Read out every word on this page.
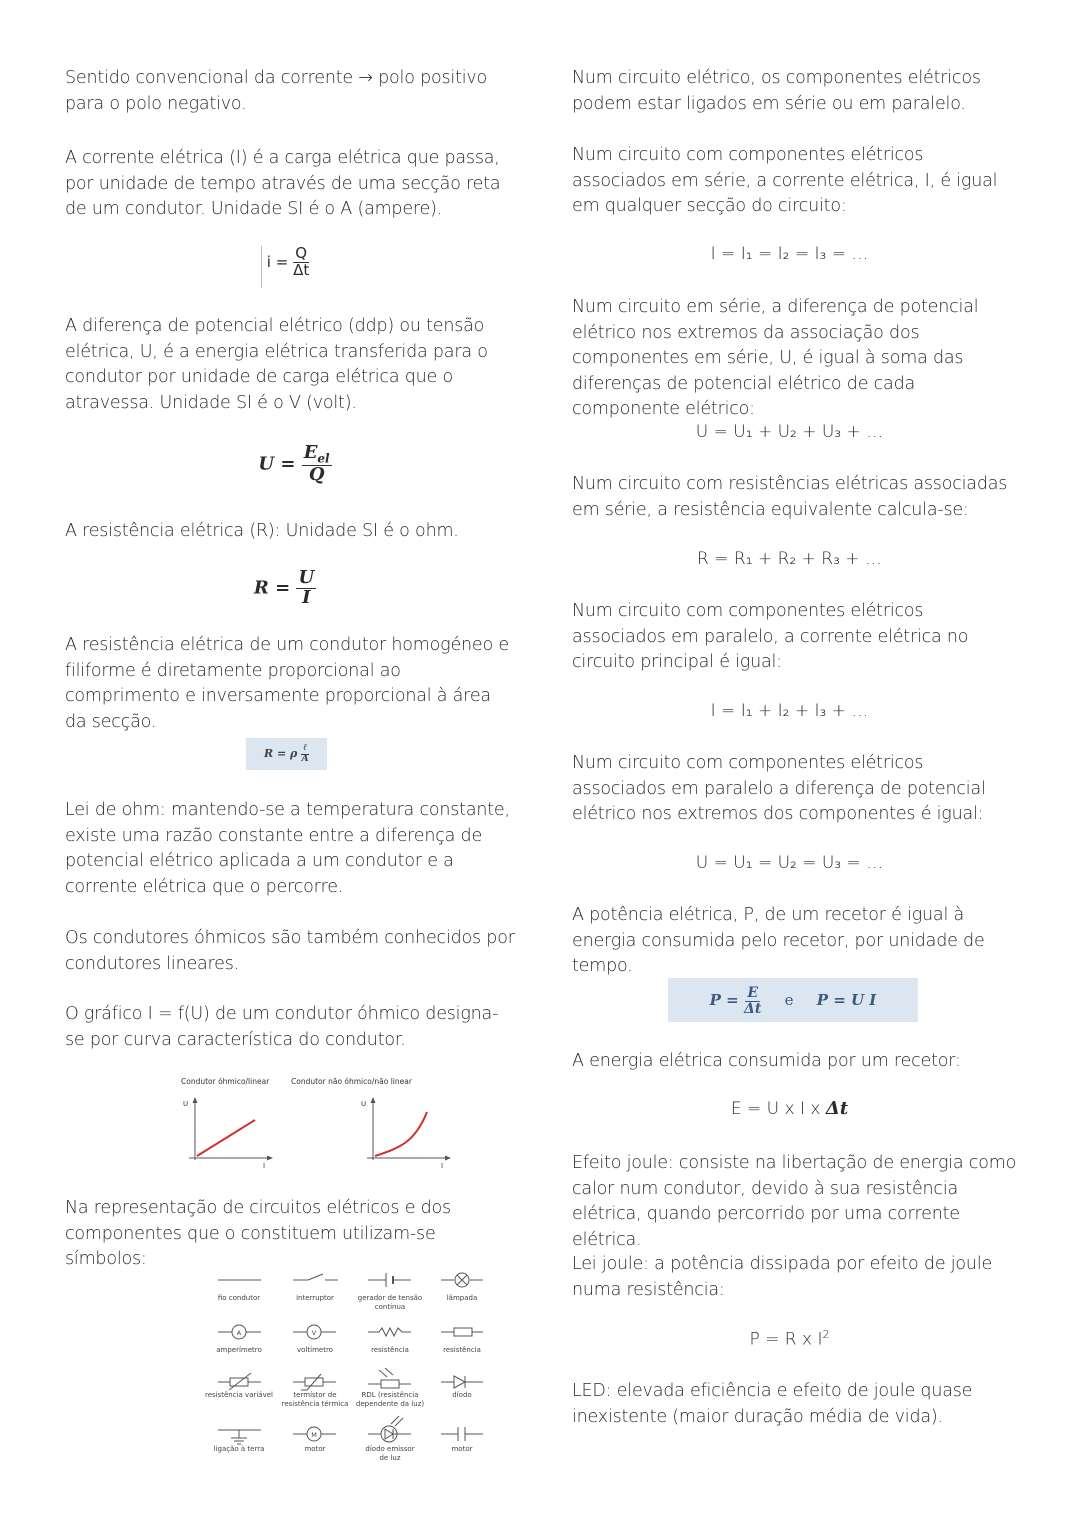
Sentido convencional da corrente → polo positivo para o polo negativo.

A corrente elétrica (I) é a carga elétrica que passa, por unidade de tempo através de uma secção reta de um condutor. Unidade SI é o A (ampere).

$i = \frac{Q}{\Delta t}$

A diferença de potencial elétrico (ddp) ou tensão elétrica, U, é a energia elétrica transferida para o condutor por unidade de carga elétrica que o atravessa. Unidade SI é o V (volt).

$U = \frac{E_{el}}{Q}$

A resistência elétrica (R): Unidade SI é o ohm.

$R = \frac{U}{I}$

A resistência elétrica de um condutor homogéneo e filiforme é diretamente proporcional ao comprimento e inversamente proporcional à área da secção.

R = ρ $\frac{\text{ℓ}}{A}$

Lei de ohm: mantendo-se a temperatura constante, existe uma razão constante entre a diferença de potencial elétrico aplicada a um condutor e a corrente elétrica que o percorre.

Os condutores óhmicos são também conhecidos por condutores lineares.

O gráfico I = f(U) de um condutor óhmico designa-se por curva característica do condutor.

Condutor óhmico/linear	Condutor não óhmico/não linear
U
I
U
I

Na representação de circuitos elétricos e dos componentes que o constituem utilizam-se símbolos:

A	V
M
fio condutor	interruptor	gerador de tensão
contínua
lâmpada
amperímetro	voltímetro	resistência	resistência
resistência variável	termístor de
resistência térmica
RDL (resistência
dependente da luz)
díodo
ligação à terra	motor	díodo emissor
de luz
motor

Num circuito elétrico, os componentes elétricos podem estar ligados em série ou em paralelo.

Num circuito com componentes elétricos associados em série, a corrente elétrica, I, é igual em qualquer secção do circuito:

I = I₁ = I₂ = I₃ = …

Num circuito em série, a diferença de potencial elétrico nos extremos da associação dos componentes em série, U, é igual à soma das diferenças de potencial elétrico de cada componente elétrico:

U = U₁ + U₂ + U₃ + …

Num circuito com resistências elétricas associadas em série, a resistência equivalente calcula-se:

R = R₁ + R₂ + R₃ + …

Num circuito com componentes elétricos associados em paralelo, a corrente elétrica no circuito principal é igual:

I = I₁ + I₂ + I₃ + …

Num circuito com componentes elétricos associados em paralelo a diferença de potencial elétrico nos extremos dos componentes é igual:

U = U₁ = U₂ = U₃ = …

A potência elétrica, P, de um recetor é igual à energia consumida pelo recetor, por unidade de tempo.

$P = \frac{E}{\Delta t}$ e P = U I

A energia elétrica consumida por um recetor:

E = U x I x Δt

Efeito joule: consiste na libertação de energia como calor num condutor, devido à sua resistência elétrica, quando percorrido por uma corrente elétrica.

Lei joule: a potência dissipada por efeito de joule numa resistência:

P = R x $I^2$

LED: elevada eficiência e efeito de joule quase inexistente (maior duração média de vida).
